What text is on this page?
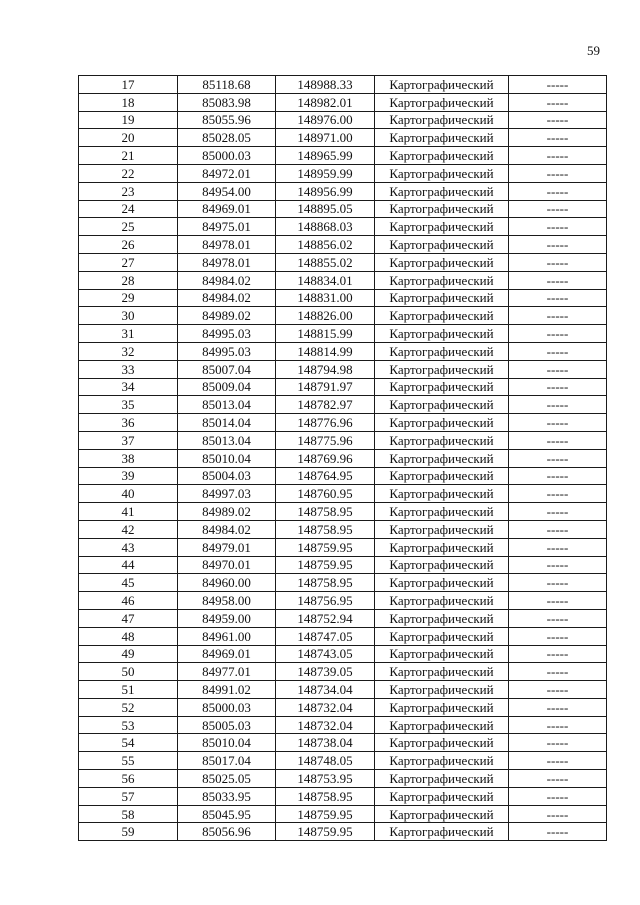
59
17	85118.68	148988.33	Картографический	-----
18	85083.98	148982.01	Картографический	-----
19	85055.96	148976.00	Картографический	-----
20	85028.05	148971.00	Картографический	-----
21	85000.03	148965.99	Картографический	-----
22	84972.01	148959.99	Картографический	-----
23	84954.00	148956.99	Картографический	-----
24	84969.01	148895.05	Картографический	-----
25	84975.01	148868.03	Картографический	-----
26	84978.01	148856.02	Картографический	-----
27	84978.01	148855.02	Картографический	-----
28	84984.02	148834.01	Картографический	-----
29	84984.02	148831.00	Картографический	-----
30	84989.02	148826.00	Картографический	-----
31	84995.03	148815.99	Картографический	-----
32	84995.03	148814.99	Картографический	-----
33	85007.04	148794.98	Картографический	-----
34	85009.04	148791.97	Картографический	-----
35	85013.04	148782.97	Картографический	-----
36	85014.04	148776.96	Картографический	-----
37	85013.04	148775.96	Картографический	-----
38	85010.04	148769.96	Картографический	-----
39	85004.03	148764.95	Картографический	-----
40	84997.03	148760.95	Картографический	-----
41	84989.02	148758.95	Картографический	-----
42	84984.02	148758.95	Картографический	-----
43	84979.01	148759.95	Картографический	-----
44	84970.01	148759.95	Картографический	-----
45	84960.00	148758.95	Картографический	-----
46	84958.00	148756.95	Картографический	-----
47	84959.00	148752.94	Картографический	-----
48	84961.00	148747.05	Картографический	-----
49	84969.01	148743.05	Картографический	-----
50	84977.01	148739.05	Картографический	-----
51	84991.02	148734.04	Картографический	-----
52	85000.03	148732.04	Картографический	-----
53	85005.03	148732.04	Картографический	-----
54	85010.04	148738.04	Картографический	-----
55	85017.04	148748.05	Картографический	-----
56	85025.05	148753.95	Картографический	-----
57	85033.95	148758.95	Картографический	-----
58	85045.95	148759.95	Картографический	-----
59	85056.96	148759.95	Картографический	-----
